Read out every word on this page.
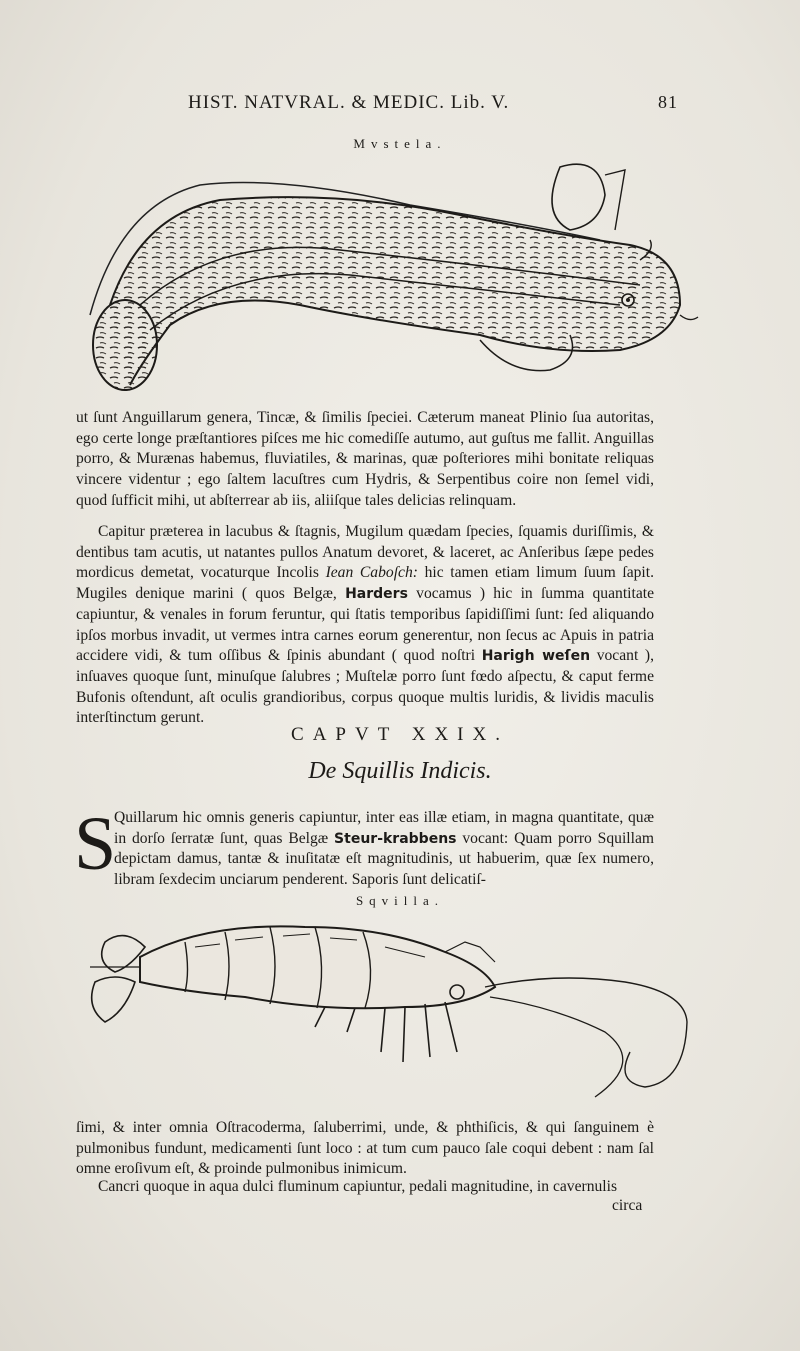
HIST. NATVRAL. & MEDIC. Lib. V.	81
Mvstela.

ut ſunt Anguillarum genera, Tincæ, & ſimilis ſpeciei. Cæterum maneat Plinio ſua autoritas, ego certe longe præſtantiores piſces me hic comediſſe autumo, aut guſtus me fallit. Anguillas porro, & Murænas habemus, fluviatiles, & marinas, quæ poſteriores mihi bonitate reliquas vincere videntur ; ego ſaltem lacuſtres cum Hydris, & Serpentibus coire non ſemel vidi, quod ſufficit mihi, ut abſterrear ab iis, aliiſque tales delicias relinquam.

Capitur præterea in lacubus & ſtagnis, Mugilum quædam ſpecies, ſquamis duriſſimis, & dentibus tam acutis, ut natantes pullos Anatum devoret, & laceret, ac Anſeribus ſæpe pedes mordicus demetat, vocaturque Incolis Iean Caboſch: hic tamen etiam limum ſuum ſapit. Mugiles denique marini ( quos Belgæ, Harders vocamus ) hic in ſumma quantitate capiuntur, & venales in forum feruntur, qui ſtatis temporibus ſapidiſſimi ſunt: ſed aliquando ipſos morbus invadit, ut vermes intra carnes eorum generentur, non ſecus ac Apuis in patria accidere vidi, & tum oſſibus & ſpinis abundant ( quod noſtri Harigh weſen vocant ), inſuaves quoque ſunt, minuſque ſalubres ; Muſtelæ porro ſunt fœdo aſpectu, & caput ferme Bufonis oſtendunt, aſt oculis grandioribus, corpus quoque multis luridis, & lividis maculis interſtinctum gerunt.

CAPVT XXIX.
De Squillis Indicis.
S
Quillarum hic omnis generis capiuntur, inter eas illæ etiam, in magna quantitate, quæ in dorſo ſerratæ ſunt, quas Belgæ Steur-krabbens vocant: Quam porro Squillam depictam damus, tantæ & inuſitatæ eſt magnitudinis, ut habuerim, quæ ſex numero, libram ſexdecim unciarum penderent. Saporis ſunt delicatiſ-
Sqvilla.

ſimi, & inter omnia Oſtracoderma, ſaluberrimi, unde, & phthiſicis, & qui ſanguinem è pulmonibus fundunt, medicamenti ſunt loco : at tum cum pauco ſale coqui debent : nam ſal omne eroſivum eſt, & proinde pulmonibus inimicum.

Cancri quoque in aqua dulci fluminum capiuntur, pedali magnitudine, in cavernulis

circa
